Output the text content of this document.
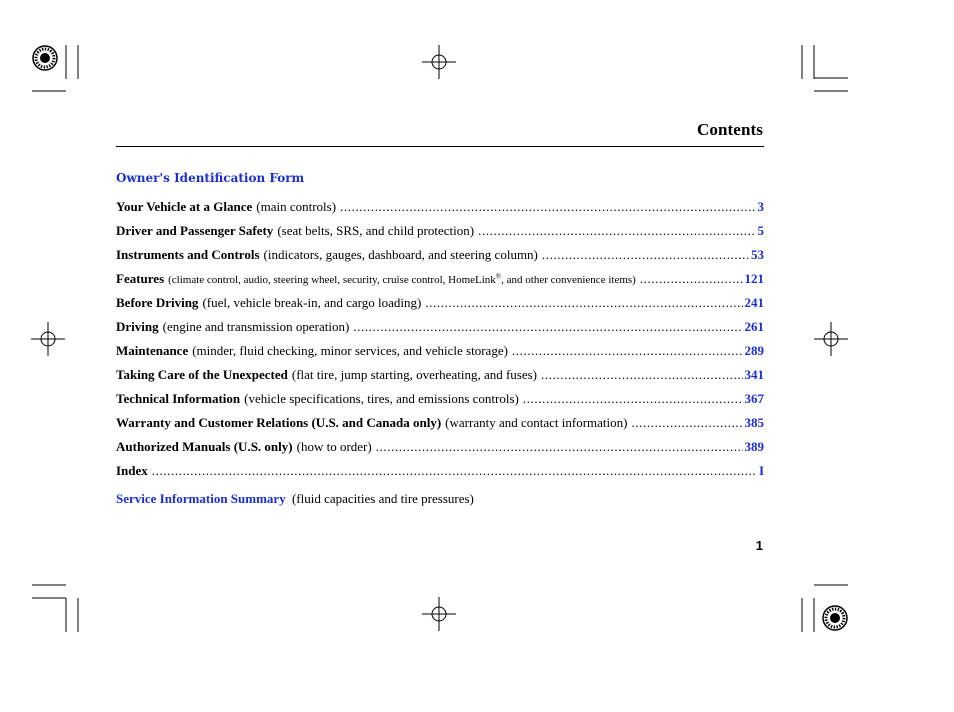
Contents
Owner's Identification Form
Your Vehicle at a Glance (main controls) .....	3
Driver and Passenger Safety (seat belts, SRS, and child protection) .....	5
Instruments and Controls (indicators, gauges, dashboard, and steering column) .....	53
Features (climate control, audio, steering wheel, security, cruise control, HomeLink®, and other convenience items) .....	121
Before Driving (fuel, vehicle break-in, and cargo loading) .....	241
Driving (engine and transmission operation) .....	261
Maintenance (minder, fluid checking, minor services, and vehicle storage) .....	289
Taking Care of the Unexpected (flat tire, jump starting, overheating, and fuses) .....	341
Technical Information (vehicle specifications, tires, and emissions controls) .....	367
Warranty and Customer Relations (U.S. and Canada only) (warranty and contact information) .....	385
Authorized Manuals (U.S. only) (how to order) .....	389
Index .....	I
Service Information Summary (fluid capacities and tire pressures)
1
